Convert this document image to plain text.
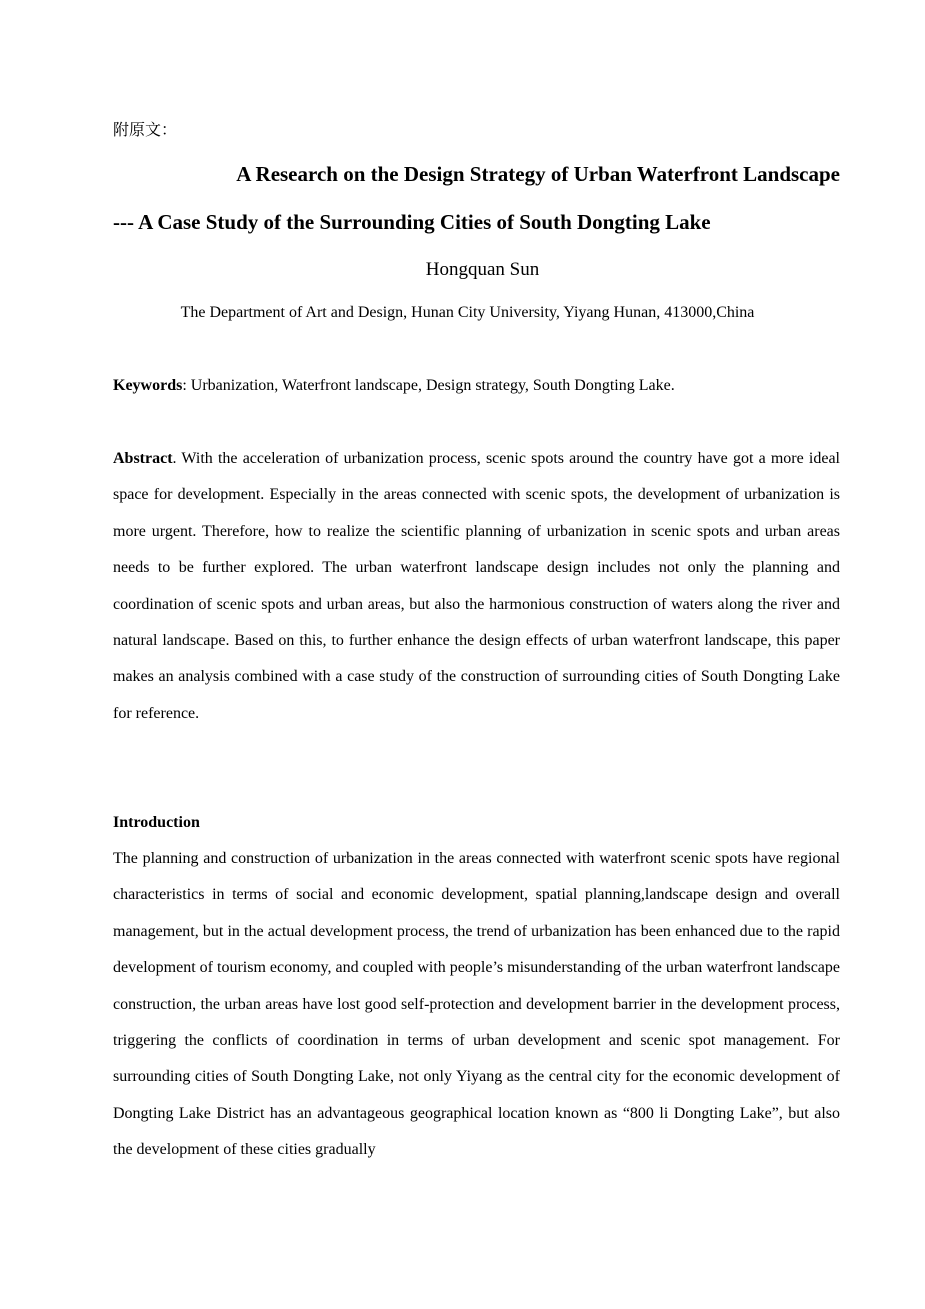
附原文：
A Research on the Design Strategy of Urban Waterfront Landscape
--- A Case Study of the Surrounding Cities of South Dongting Lake
Hongquan Sun
The Department of Art and Design, Hunan City University, Yiyang Hunan, 413000,China
Keywords: Urbanization, Waterfront landscape, Design strategy, South Dongting Lake.
Abstract. With the acceleration of urbanization process, scenic spots around the country have got a more ideal space for development. Especially in the areas connected with scenic spots, the development of urbanization is more urgent. Therefore, how to realize the scientific planning of urbanization in scenic spots and urban areas needs to be further explored. The urban waterfront landscape design includes not only the planning and coordination of scenic spots and urban areas, but also the harmonious construction of waters along the river and natural landscape. Based on this, to further enhance the design effects of urban waterfront landscape, this paper makes an analysis combined with a case study of the construction of surrounding cities of South Dongting Lake for reference.
Introduction
The planning and construction of urbanization in the areas connected with waterfront scenic spots have regional characteristics in terms of social and economic development, spatial planning,landscape design and overall management, but in the actual development process, the trend of urbanization has been enhanced due to the rapid development of tourism economy, and coupled with people’s misunderstanding of the urban waterfront landscape construction, the urban areas have lost good self-protection and development barrier in the development process, triggering the conflicts of coordination in terms of urban development and scenic spot management. For surrounding cities of South Dongting Lake, not only Yiyang as the central city for the economic development of Dongting Lake District has an advantageous geographical location known as “800 li Dongting Lake”, but also the development of these cities gradually
